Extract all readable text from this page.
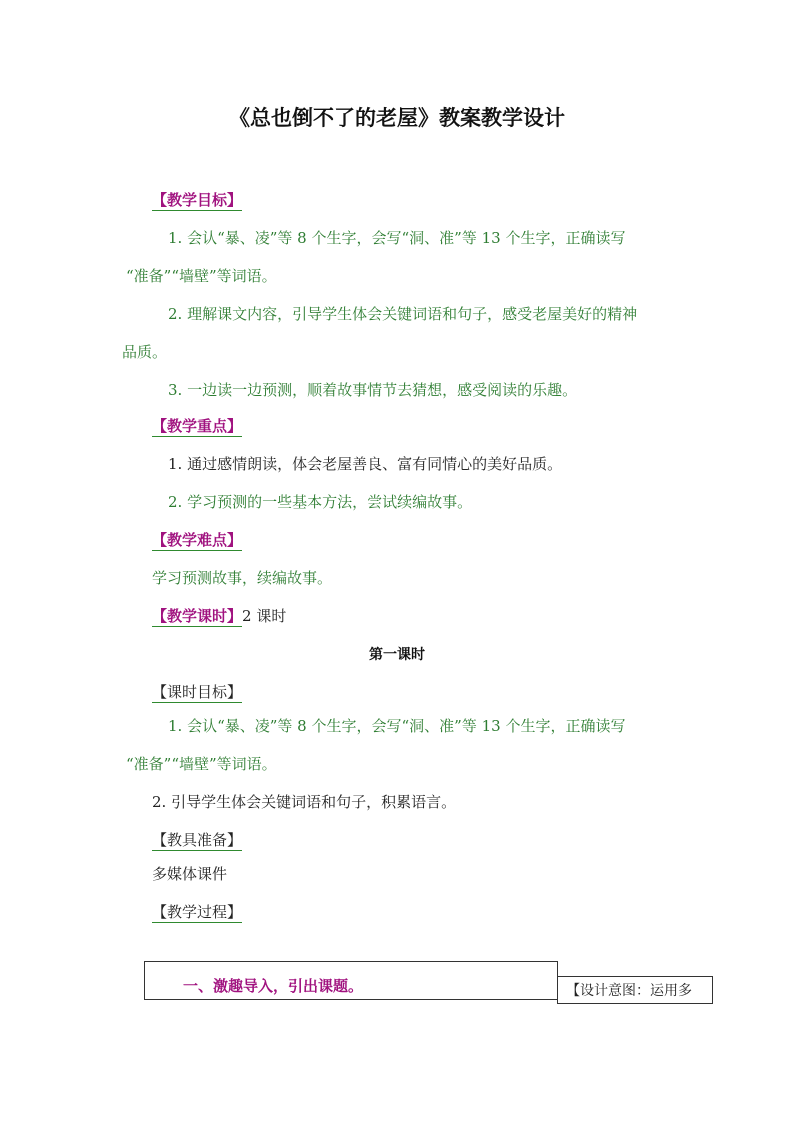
《总也倒不了的老屋》教案教学设计
【教学目标】
1. 会认“暴、凌”等 8 个生字，会写“洞、准”等 13 个生字，正确读写
“准备”“墙壁”等词语。
2. 理解课文内容，引导学生体会关键词语和句子，感受老屋美好的精神
品质。
3. 一边读一边预测，顺着故事情节去猜想，感受阅读的乐趣。
【教学重点】
1. 通过感情朗读，体会老屋善良、富有同情心的美好品质。
2. 学习预测的一些基本方法，尝试续编故事。
【教学难点】
学习预测故事，续编故事。
【教学课时】2 课时
第一课时
【课时目标】
1. 会认“暴、凌”等 8 个生字，会写“洞、准”等 13 个生字，正确读写
“准备”“墙壁”等词语。
2. 引导学生体会关键词语和句子，积累语言。
【教具准备】
多媒体课件
【教学过程】
一、激趣导入，引出课题。	【设计意图：运用多
